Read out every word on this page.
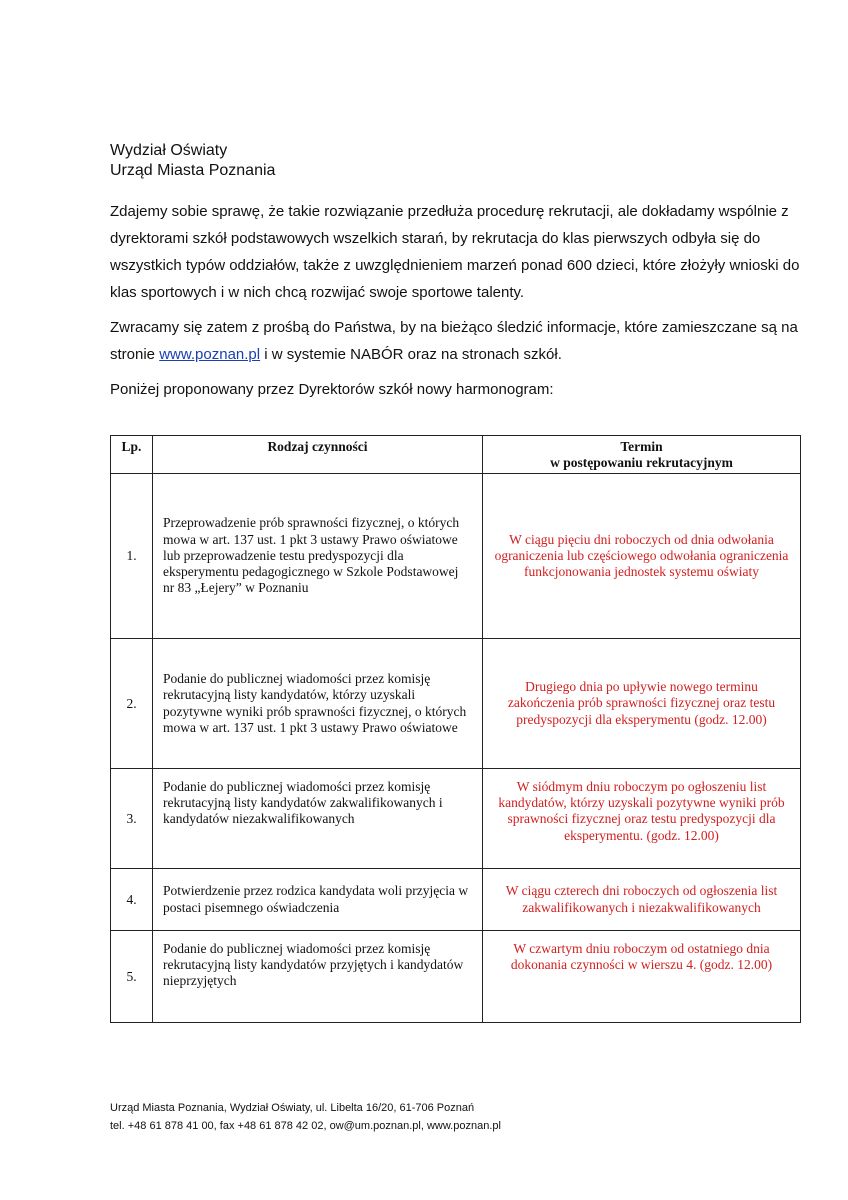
Wydział Oświaty
Urząd Miasta Poznania

Zdajemy sobie sprawę, że takie rozwiązanie przedłuża procedurę rekrutacji, ale dokładamy wspólnie z dyrektorami szkół podstawowych wszelkich starań, by rekrutacja do klas pierwszych odbyła się do wszystkich typów oddziałów, także z uwzględnieniem marzeń ponad 600 dzieci, które złożyły wnioski do klas sportowych i w nich chcą rozwijać swoje sportowe talenty.

Zwracamy się zatem z prośbą do Państwa, by na bieżąco śledzić informacje, które zamieszczane są na stronie www.poznan.pl i w systemie NABÓR oraz na stronach szkół.

Poniżej proponowany przez Dyrektorów szkół nowy harmonogram:

Lp.	Rodzaj czynności	Termin
w postępowaniu rekrutacyjnym

1.	Przeprowadzenie prób sprawności fizycznej, o których mowa w art. 137 ust. 1 pkt 3 ustawy Prawo oświatowe lub przeprowadzenie testu predyspozycji dla eksperymentu pedagogicznego w Szkole Podstawowej nr 83 „Łejery” w Poznaniu	W ciągu pięciu dni roboczych od dnia odwołania ograniczenia lub częściowego odwołania ograniczenia funkcjonowania jednostek systemu oświaty
2.	Podanie do publicznej wiadomości przez komisję rekrutacyjną listy kandydatów, którzy uzyskali pozytywne wyniki prób sprawności fizycznej, o których mowa w art. 137 ust. 1 pkt 3 ustawy Prawo oświatowe	Drugiego dnia po upływie nowego terminu zakończenia prób sprawności fizycznej oraz testu predyspozycji dla eksperymentu (godz. 12.00)
3.	Podanie do publicznej wiadomości przez komisję rekrutacyjną listy kandydatów zakwalifikowanych i kandydatów niezakwalifikowanych	W siódmym dniu roboczym po ogłoszeniu list kandydatów, którzy uzyskali pozytywne wyniki prób sprawności fizycznej oraz testu predyspozycji dla eksperymentu. (godz. 12.00)
4.	Potwierdzenie przez rodzica kandydata woli przyjęcia w postaci pisemnego oświadczenia	W ciągu czterech dni roboczych od ogłoszenia list zakwalifikowanych i niezakwalifikowanych
5.	Podanie do publicznej wiadomości przez komisję rekrutacyjną listy kandydatów przyjętych i kandydatów nieprzyjętych	W czwartym dniu roboczym od ostatniego dnia dokonania czynności w wierszu 4. (godz. 12.00)
Urząd Miasta Poznania, Wydział Oświaty, ul. Libelta 16/20, 61-706 Poznań
tel. +48 61 878 41 00, fax +48 61 878 42 02, ow@um.poznan.pl, www.poznan.pl
